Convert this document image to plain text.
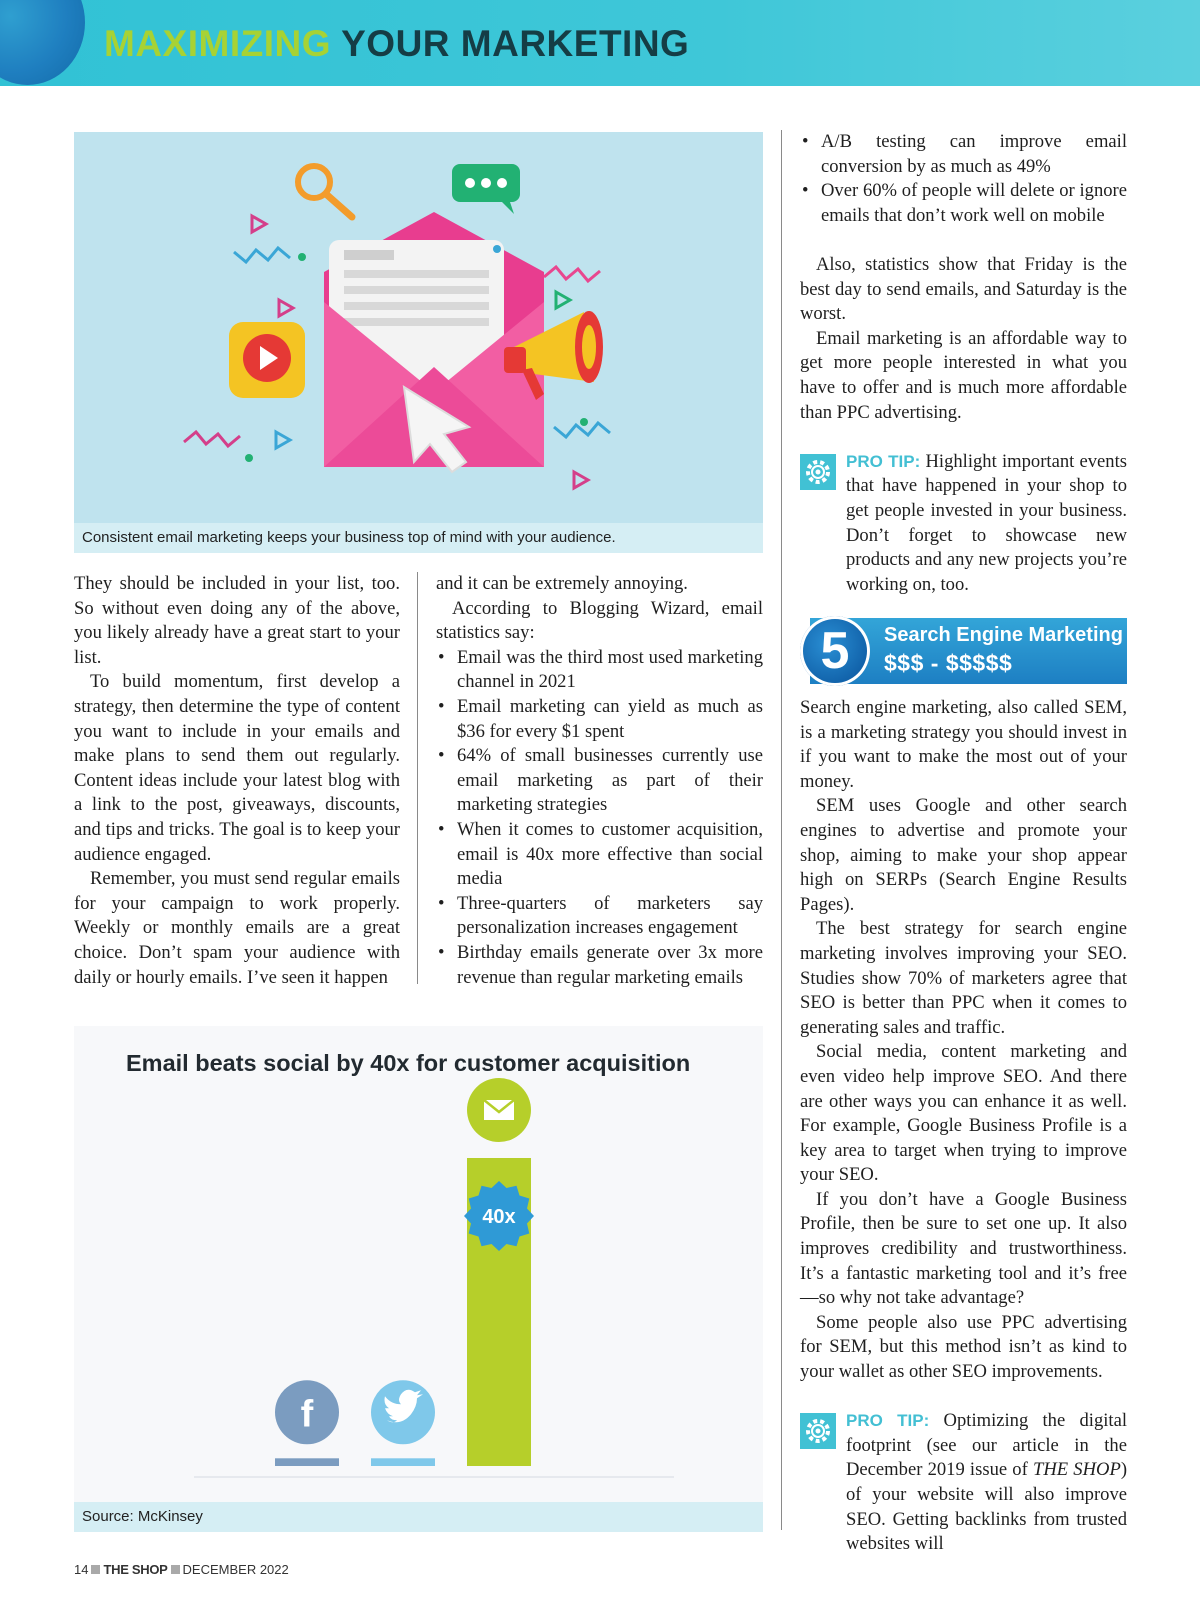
MAXIMIZING YOUR MARKETING
Consistent email marketing keeps your business top of mind with your audience.

They should be included in your list, too. So without even doing any of the above, you likely already have a great start to your list.

To build momentum, first develop a strategy, then determine the type of content you want to include in your emails and make plans to send them out regularly. Content ideas include your latest blog with a link to the post, giveaways, discounts, and tips and tricks. The goal is to keep your audience engaged.

Remember, you must send regular emails for your campaign to work properly. Weekly or monthly emails are a great choice. Don’t spam your audience with daily or hourly emails. I’ve seen it happen

and it can be extremely annoying.

According to Blogging Wizard, email statistics say:

• Email was the third most used marketing channel in 2021
• Email marketing can yield as much as $36 for every $1 spent
• 64% of small businesses currently use email marketing as part of their marketing strategies
• When it comes to customer acquisition, email is 40x more effective than social media
• Three-quarters of marketers say personalization increases engagement
• Birthday emails generate over 3x more revenue than regular marketing emails
• A/B testing can improve email conversion by as much as 49%
• Over 60% of people will delete or ignore emails that don’t work well on mobile

Also, statistics show that Friday is the best day to send emails, and Saturday is the worst.

Email marketing is an affordable way to get more people interested in what you have to offer and is much more affordable than PPC advertising.

PRO TIP: Highlight important events that have happened in your shop to get people invested in your business. Don’t forget to showcase new products and any new projects you’re working on, too.

5	Search Engine Marketing
$$$ - $$$$$

Search engine marketing, also called SEM, is a marketing strategy you should invest in if you want to make the most out of your money.

SEM uses Google and other search engines to advertise and promote your shop, aiming to make your shop appear high on SERPs (Search Engine Results Pages).

The best strategy for search engine marketing involves improving your SEO. Studies show 70% of marketers agree that SEO is better than PPC when it comes to generating sales and traffic.

Social media, content marketing and even video help improve SEO. And there are other ways you can enhance it as well. For example, Google Business Profile is a key area to target when trying to improve your SEO.

If you don’t have a Google Business Profile, then be sure to set one up. It also improves credibility and trustworthiness. It’s a fantastic marketing tool and it’s free—so why not take advantage?

Some people also use PPC advertising for SEM, but this method isn’t as kind to your wallet as other SEO improvements.

PRO TIP: Optimizing the digital footprint (see our article in the December 2019 issue of THE SHOP) of your website will also improve SEO. Getting backlinks from trusted websites will

Email beats social by 40x for customer acquisition
f
40x
Source: McKinsey
14 THE SHOP DECEMBER 2022
